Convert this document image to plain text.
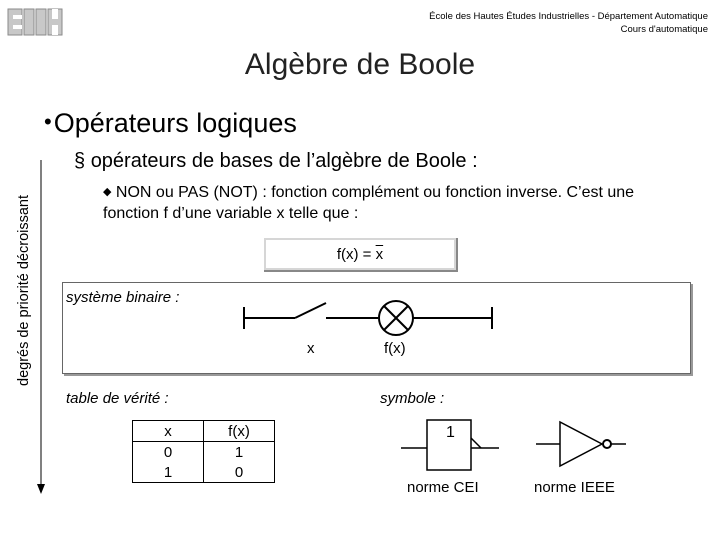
École des Hautes Études Industrielles - Département Automatique
Cours d'automatique
Algèbre de Boole
•Opérateurs logiques
§ opérateurs de bases de l’algèbre de Boole :
◆ NON ou PAS (NOT) : fonction complément ou fonction inverse. C’est une fonction f d’une variable x telle que :
degrés de priorité décroissant	$f(x) = \overline{x}$
système binaire :
x	f(x)
table de vérité :
x	f(x)
0	1
1	0
symbole :
1
norme CEI	norme IEEE
